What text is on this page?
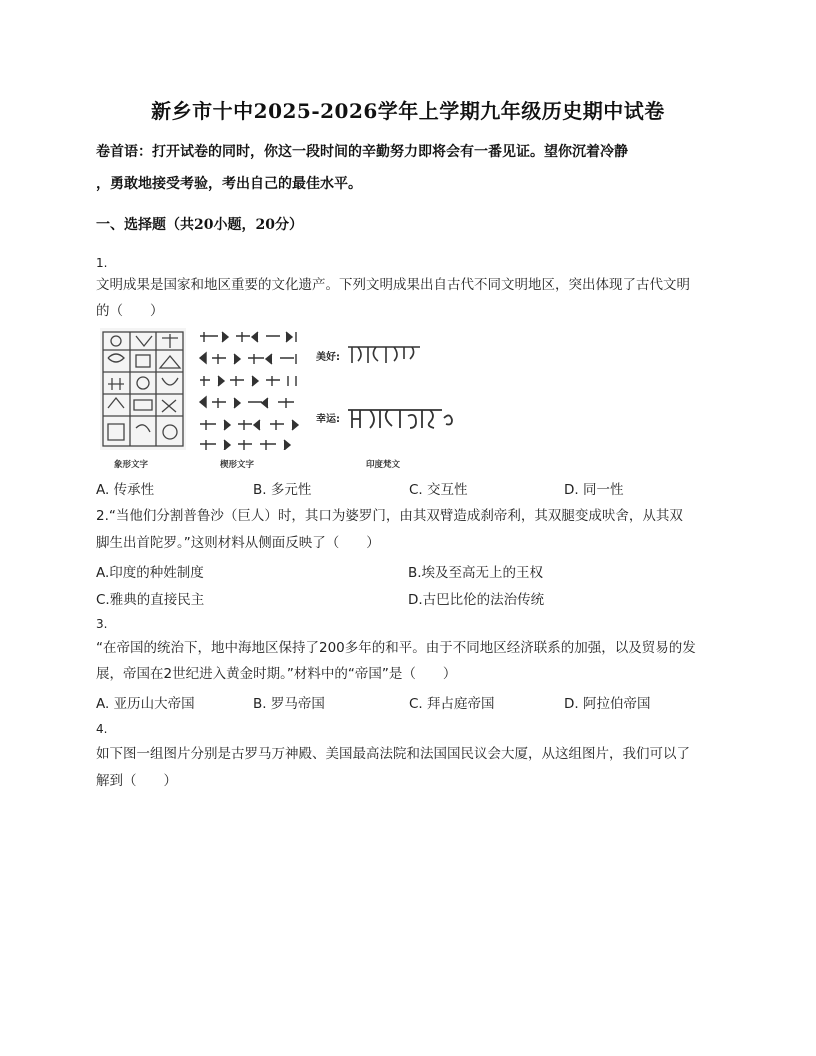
新乡市十中2025-2026学年上学期九年级历史期中试卷
卷首语：打开试卷的同时，你这一段时间的辛勤努力即将会有一番见证。望你沉着冷静
，勇敢地接受考验，考出自己的最佳水平。
一、选择题（共20小题，20分）
1.
文明成果是国家和地区重要的文化遗产。下列文明成果出自古代不同文明地区，突出体现了古代文明
的（　　）
象形文字	楔形文字
美好:
幸运:
印度梵文
A. 传承性	B. 多元性	C. 交互性	D. 同一性
2.“当他们分割普鲁沙（巨人）时，其口为婆罗门，由其双臂造成刹帝利，其双腿变成吠舍，从其双
脚生出首陀罗。”这则材料从侧面反映了（　　）
A.印度的种姓制度	B.埃及至高无上的王权
C.雅典的直接民主	D.古巴比伦的法治传统
3.
“在帝国的统治下，地中海地区保持了200多年的和平。由于不同地区经济联系的加强，以及贸易的发
展，帝国在2世纪进入黄金时期。”材料中的“帝国”是（　　）
A. 亚历山大帝国	B. 罗马帝国	C. 拜占庭帝国	D. 阿拉伯帝国
4.
如下图一组图片分别是古罗马万神殿、美国最高法院和法国国民议会大厦，从这组图片，我们可以了
解到（　　）
